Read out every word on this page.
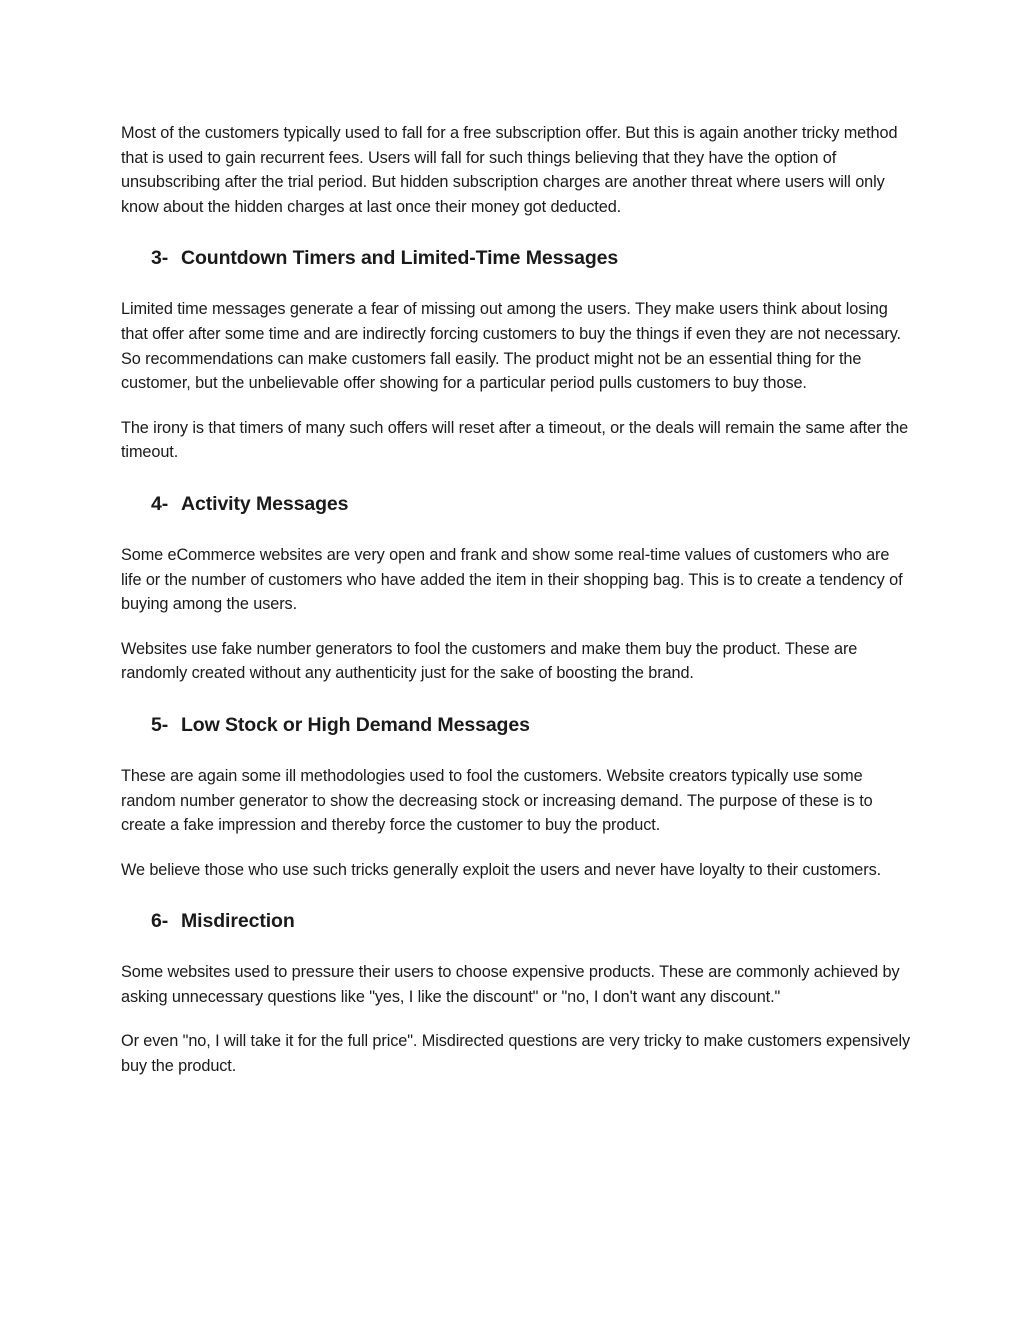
Most of the customers typically used to fall for a free subscription offer. But this is again another tricky method that is used to gain recurrent fees. Users will fall for such things believing that they have the option of unsubscribing after the trial period. But hidden subscription charges are another threat where users will only know about the hidden charges at last once their money got deducted.

3- Countdown Timers and Limited-Time Messages

Limited time messages generate a fear of missing out among the users. They make users think about losing that offer after some time and are indirectly forcing customers to buy the things if even they are not necessary. So recommendations can make customers fall easily. The product might not be an essential thing for the customer, but the unbelievable offer showing for a particular period pulls customers to buy those.

The irony is that timers of many such offers will reset after a timeout, or the deals will remain the same after the timeout.

4- Activity Messages

Some eCommerce websites are very open and frank and show some real-time values of customers who are life or the number of customers who have added the item in their shopping bag. This is to create a tendency of buying among the users.

Websites use fake number generators to fool the customers and make them buy the product. These are randomly created without any authenticity just for the sake of boosting the brand.

5- Low Stock or High Demand Messages

These are again some ill methodologies used to fool the customers. Website creators typically use some random number generator to show the decreasing stock or increasing demand. The purpose of these is to create a fake impression and thereby force the customer to buy the product.

We believe those who use such tricks generally exploit the users and never have loyalty to their customers.

6- Misdirection

Some websites used to pressure their users to choose expensive products. These are commonly achieved by asking unnecessary questions like "yes, I like the discount" or "no, I don't want any discount."

Or even "no, I will take it for the full price". Misdirected questions are very tricky to make customers expensively buy the product.
